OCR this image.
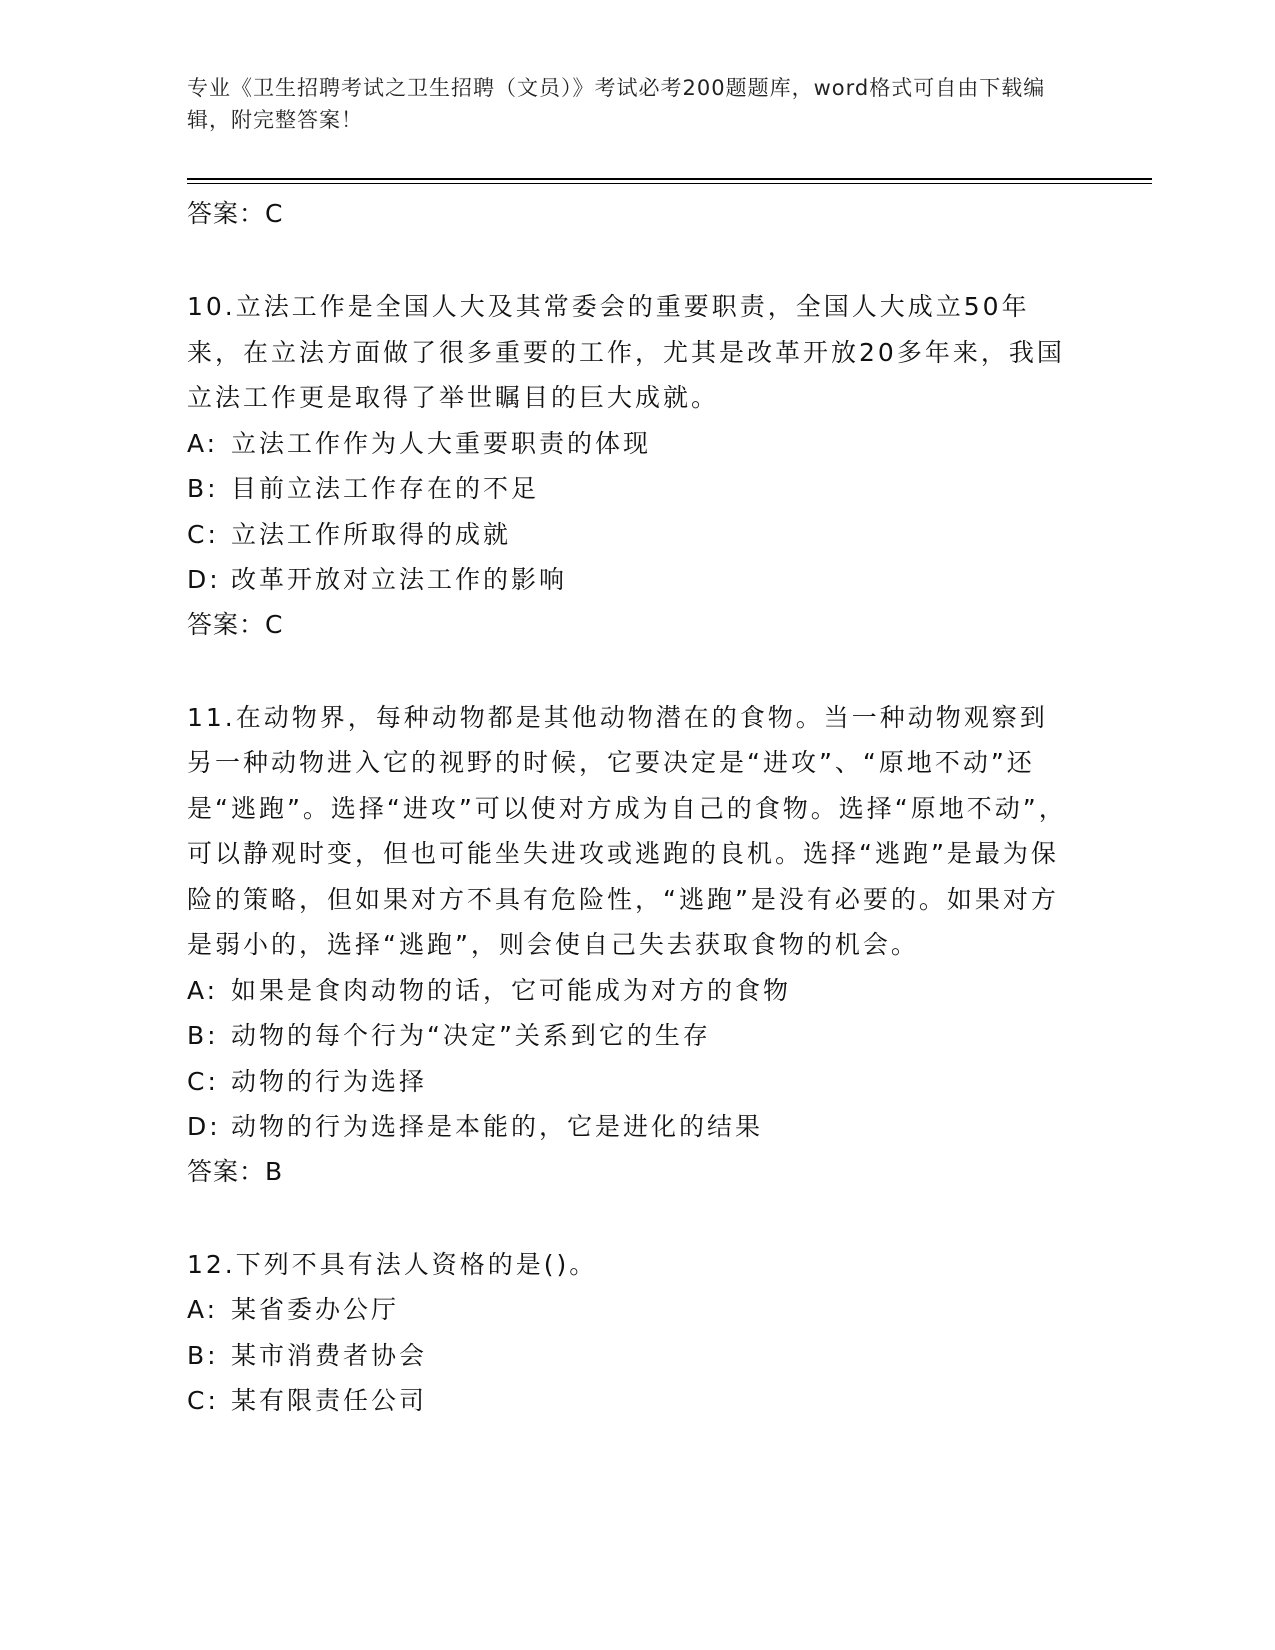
专业《卫生招聘考试之卫生招聘（文员）》考试必考200题题库，word格式可自由下载编辑，附完整答案！
答案：C
10.立法工作是全国人大及其常委会的重要职责，全国人大成立50年来，在立法方面做了很多重要的工作，尤其是改革开放20多年来，我国立法工作更是取得了举世瞩目的巨大成就。
A: 立法工作作为人大重要职责的体现
B: 目前立法工作存在的不足
C: 立法工作所取得的成就
D: 改革开放对立法工作的影响
答案：C
11.在动物界，每种动物都是其他动物潜在的食物。当一种动物观察到另一种动物进入它的视野的时候，它要决定是“进攻”、“原地不动”还是“逃跑”。选择“进攻”可以使对方成为自己的食物。选择“原地不动”，可以静观时变，但也可能坐失进攻或逃跑的良机。选择“逃跑”是最为保险的策略，但如果对方不具有危险性，“逃跑”是没有必要的。如果对方是弱小的，选择“逃跑”，则会使自己失去获取食物的机会。
A: 如果是食肉动物的话，它可能成为对方的食物
B: 动物的每个行为“决定”关系到它的生存
C: 动物的行为选择
D: 动物的行为选择是本能的，它是进化的结果
答案：B
12.下列不具有法人资格的是()。
A: 某省委办公厅
B: 某市消费者协会
C: 某有限责任公司
